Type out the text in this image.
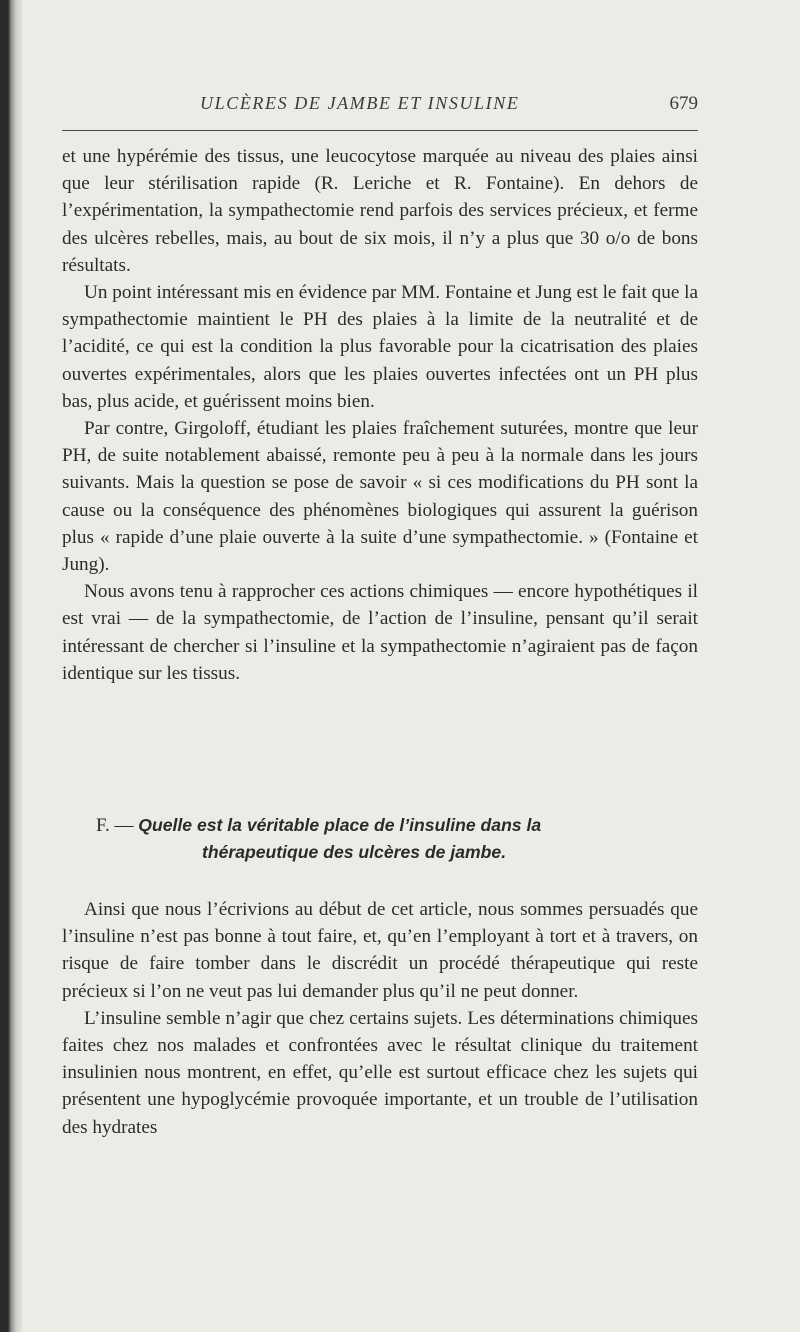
ULCÈRES DE JAMBE ET INSULINE	679

et une hypérémie des tissus, une leucocytose marquée au niveau des plaies ainsi que leur stérilisation rapide (R. Leriche et R. Fontaine). En dehors de l’expérimentation, la sympathectomie rend parfois des services précieux, et ferme des ulcères rebelles, mais, au bout de six mois, il n’y a plus que 30 o/o de bons résultats.

Un point intéressant mis en évidence par MM. Fontaine et Jung est le fait que la sympathectomie maintient le PH des plaies à la limite de la neutralité et de l’acidité, ce qui est la condition la plus favorable pour la cicatrisation des plaies ouvertes expérimentales, alors que les plaies ouvertes infectées ont un PH plus bas, plus acide, et guérissent moins bien.

Par contre, Girgoloff, étudiant les plaies fraîchement suturées, montre que leur PH, de suite notablement abaissé, remonte peu à peu à la normale dans les jours suivants. Mais la question se pose de savoir « si ces modifications du PH sont la cause ou la conséquence des phénomènes biologiques qui assurent la guérison plus « rapide d’une plaie ouverte à la suite d’une sympathectomie. » (Fontaine et Jung).

Nous avons tenu à rapprocher ces actions chimiques — encore hypothétiques il est vrai — de la sympathectomie, de l’action de l’insuline, pensant qu’il serait intéressant de chercher si l’insuline et la sympathectomie n’agiraient pas de façon identique sur les tissus.

F. — Quelle est la véritable place de l’insuline dans la
thérapeutique des ulcères de jambe.

Ainsi que nous l’écrivions au début de cet article, nous sommes persuadés que l’insuline n’est pas bonne à tout faire, et, qu’en l’employant à tort et à travers, on risque de faire tomber dans le discrédit un procédé thérapeutique qui reste précieux si l’on ne veut pas lui demander plus qu’il ne peut donner.

L’insuline semble n’agir que chez certains sujets. Les déterminations chimiques faites chez nos malades et confrontées avec le résultat clinique du traitement insulinien nous montrent, en effet, qu’elle est surtout efficace chez les sujets qui présentent une hypoglycémie provoquée importante, et un trouble de l’utilisation des hydrates
